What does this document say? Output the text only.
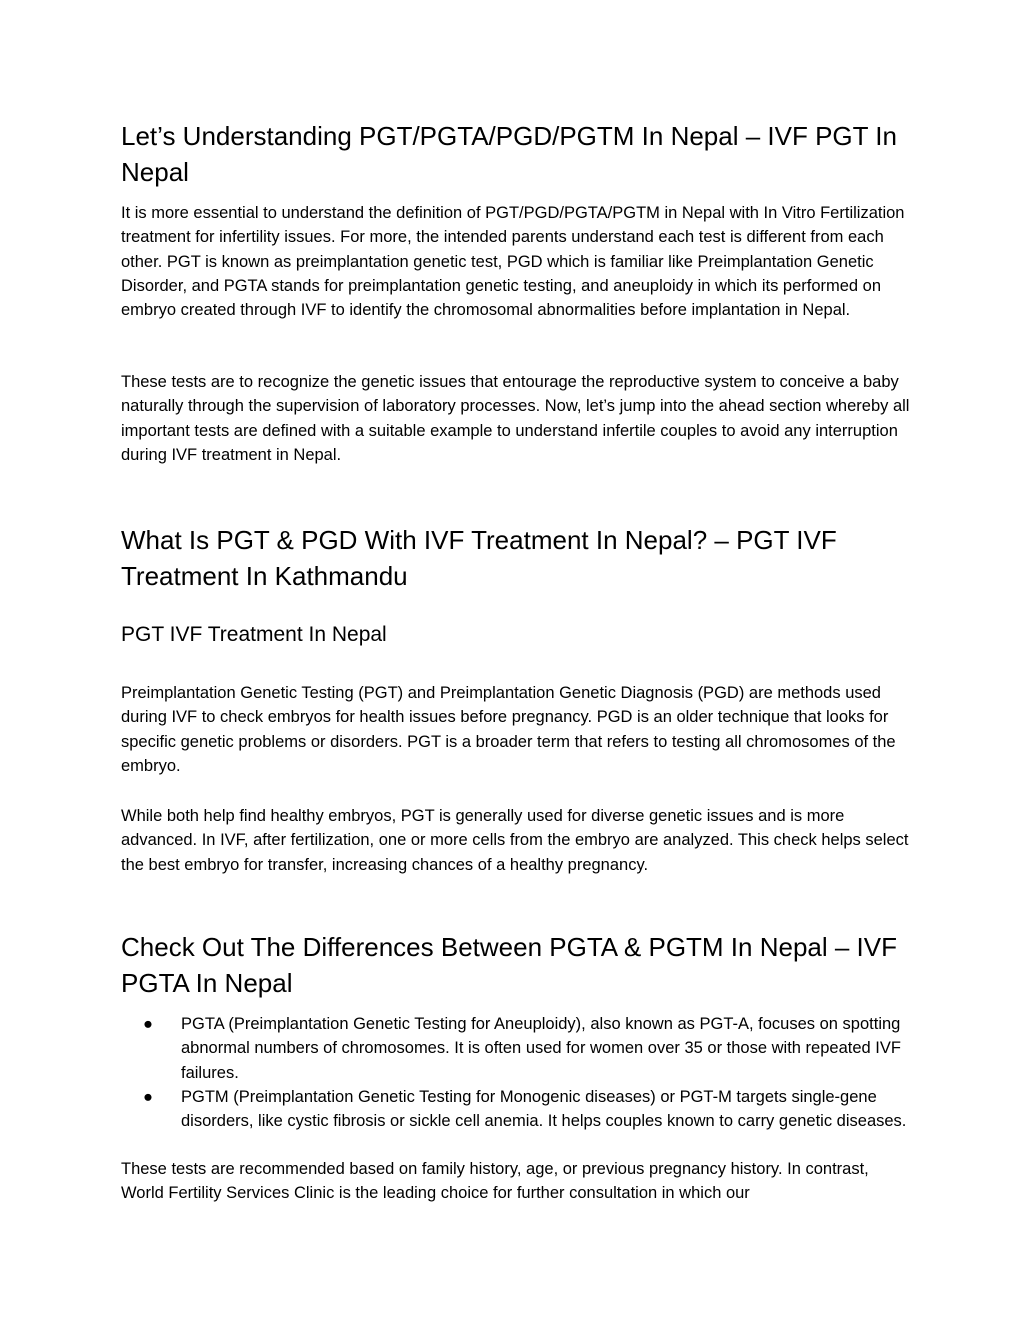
Let’s Understanding PGT/PGTA/PGD/PGTM In Nepal – IVF PGT In Nepal

It is more essential to understand the definition of PGT/PGD/PGTA/PGTM in Nepal with In Vitro Fertilization treatment for infertility issues. For more, the intended parents understand each test is different from each other. PGT is known as preimplantation genetic test, PGD which is familiar like Preimplantation Genetic Disorder, and PGTA stands for preimplantation genetic testing, and aneuploidy in which its performed on embryo created through IVF to identify the chromosomal abnormalities before implantation in Nepal.

These tests are to recognize the genetic issues that entourage the reproductive system to conceive a baby naturally through the supervision of laboratory processes. Now, let’s jump into the ahead section whereby all important tests are defined with a suitable example to understand infertile couples to avoid any interruption during IVF treatment in Nepal.

What Is PGT & PGD With IVF Treatment In Nepal? – PGT IVF Treatment In Kathmandu
PGT IVF Treatment In Nepal

Preimplantation Genetic Testing (PGT) and Preimplantation Genetic Diagnosis (PGD) are methods used during IVF to check embryos for health issues before pregnancy. PGD is an older technique that looks for specific genetic problems or disorders. PGT is a broader term that refers to testing all chromosomes of the embryo.

While both help find healthy embryos, PGT is generally used for diverse genetic issues and is more advanced. In IVF, after fertilization, one or more cells from the embryo are analyzed. This check helps select the best embryo for transfer, increasing chances of a healthy pregnancy.

Check Out The Differences Between PGTA & PGTM In Nepal – IVF PGTA In Nepal
● PGTA (Preimplantation Genetic Testing for Aneuploidy), also known as PGT-A, focuses on spotting abnormal numbers of chromosomes. It is often used for women over 35 or those with repeated IVF failures.
● PGTM (Preimplantation Genetic Testing for Monogenic diseases) or PGT-M targets single-gene disorders, like cystic fibrosis or sickle cell anemia. It helps couples known to carry genetic diseases.

These tests are recommended based on family history, age, or previous pregnancy history. In contrast, World Fertility Services Clinic is the leading choice for further consultation in which our
